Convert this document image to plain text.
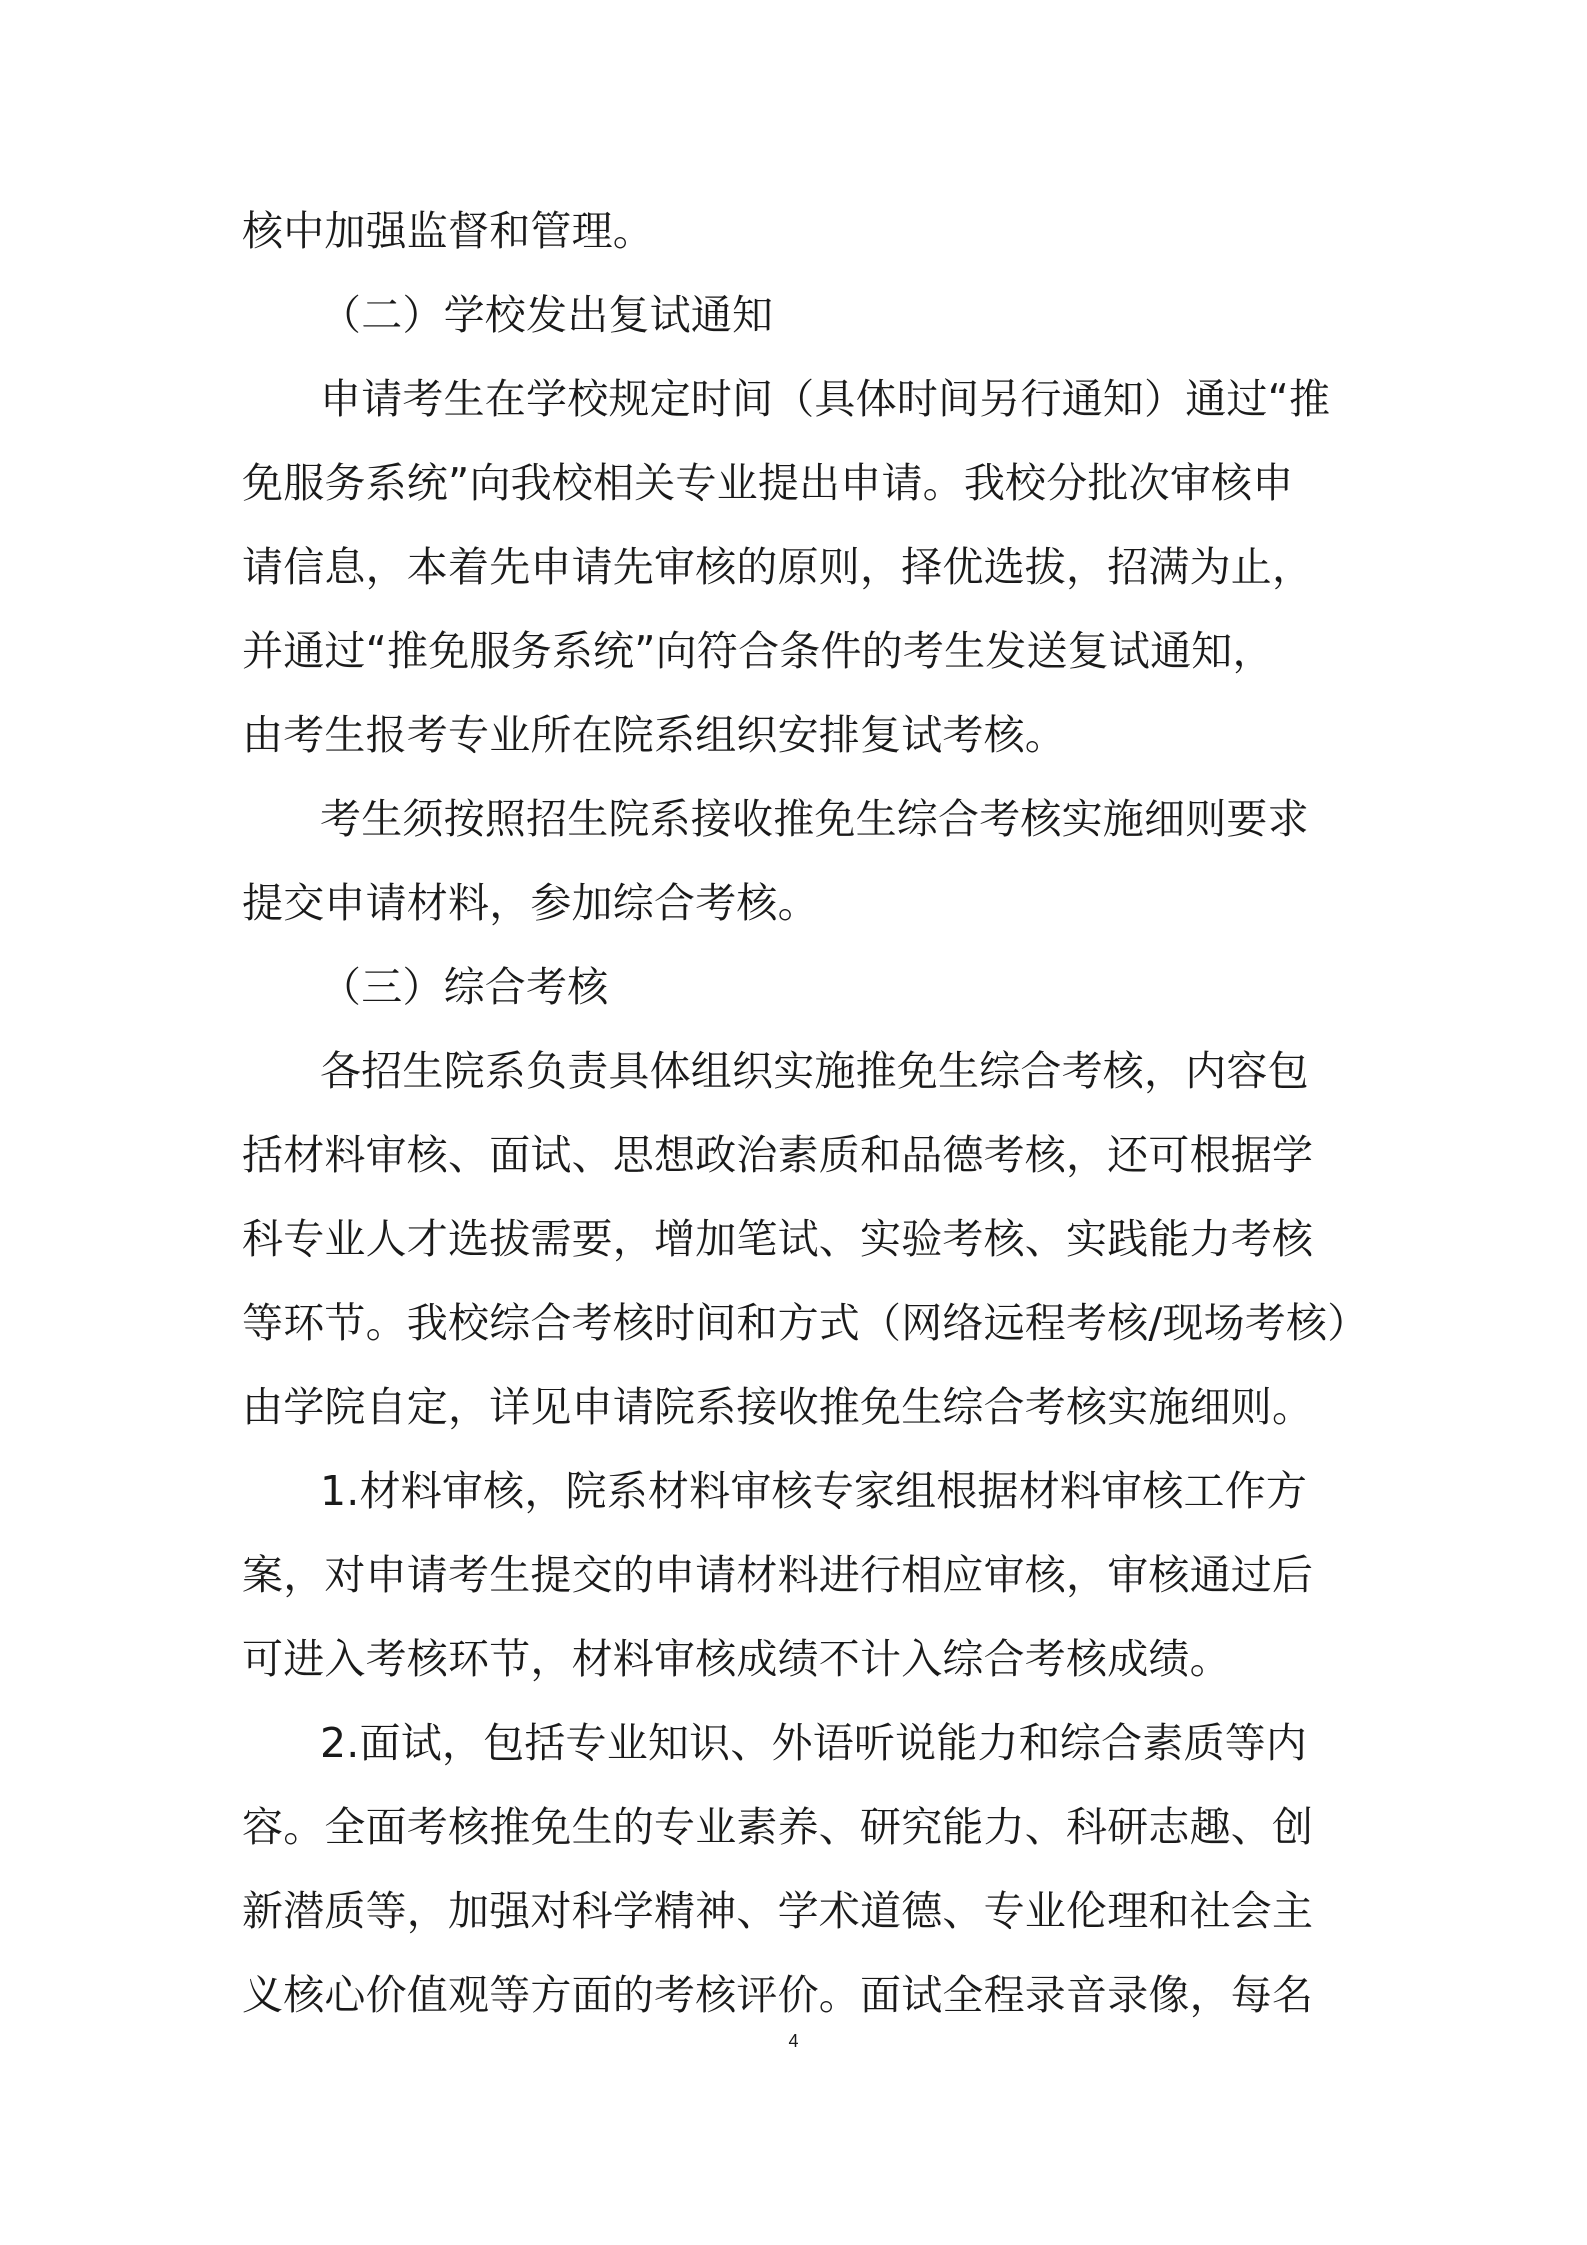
核中加强监督和管理。
（二）学校发出复试通知
申请考生在学校规定时间（具体时间另行通知）通过“推
免服务系统”向我校相关专业提出申请。我校分批次审核申
请信息，本着先申请先审核的原则，择优选拔，招满为止，
并通过“推免服务系统”向符合条件的考生发送复试通知，
由考生报考专业所在院系组织安排复试考核。
考生须按照招生院系接收推免生综合考核实施细则要求
提交申请材料，参加综合考核。
（三）综合考核
各招生院系负责具体组织实施推免生综合考核，内容包
括材料审核、面试、思想政治素质和品德考核，还可根据学
科专业人才选拔需要，增加笔试、实验考核、实践能力考核
等环节。我校综合考核时间和方式（网络远程考核/现场考核）
由学院自定，详见申请院系接收推免生综合考核实施细则。
1.材料审核，院系材料审核专家组根据材料审核工作方
案，对申请考生提交的申请材料进行相应审核，审核通过后
可进入考核环节，材料审核成绩不计入综合考核成绩。
2.面试，包括专业知识、外语听说能力和综合素质等内
容。全面考核推免生的专业素养、研究能力、科研志趣、创
新潜质等，加强对科学精神、学术道德、专业伦理和社会主
义核心价值观等方面的考核评价。面试全程录音录像，每名
4
